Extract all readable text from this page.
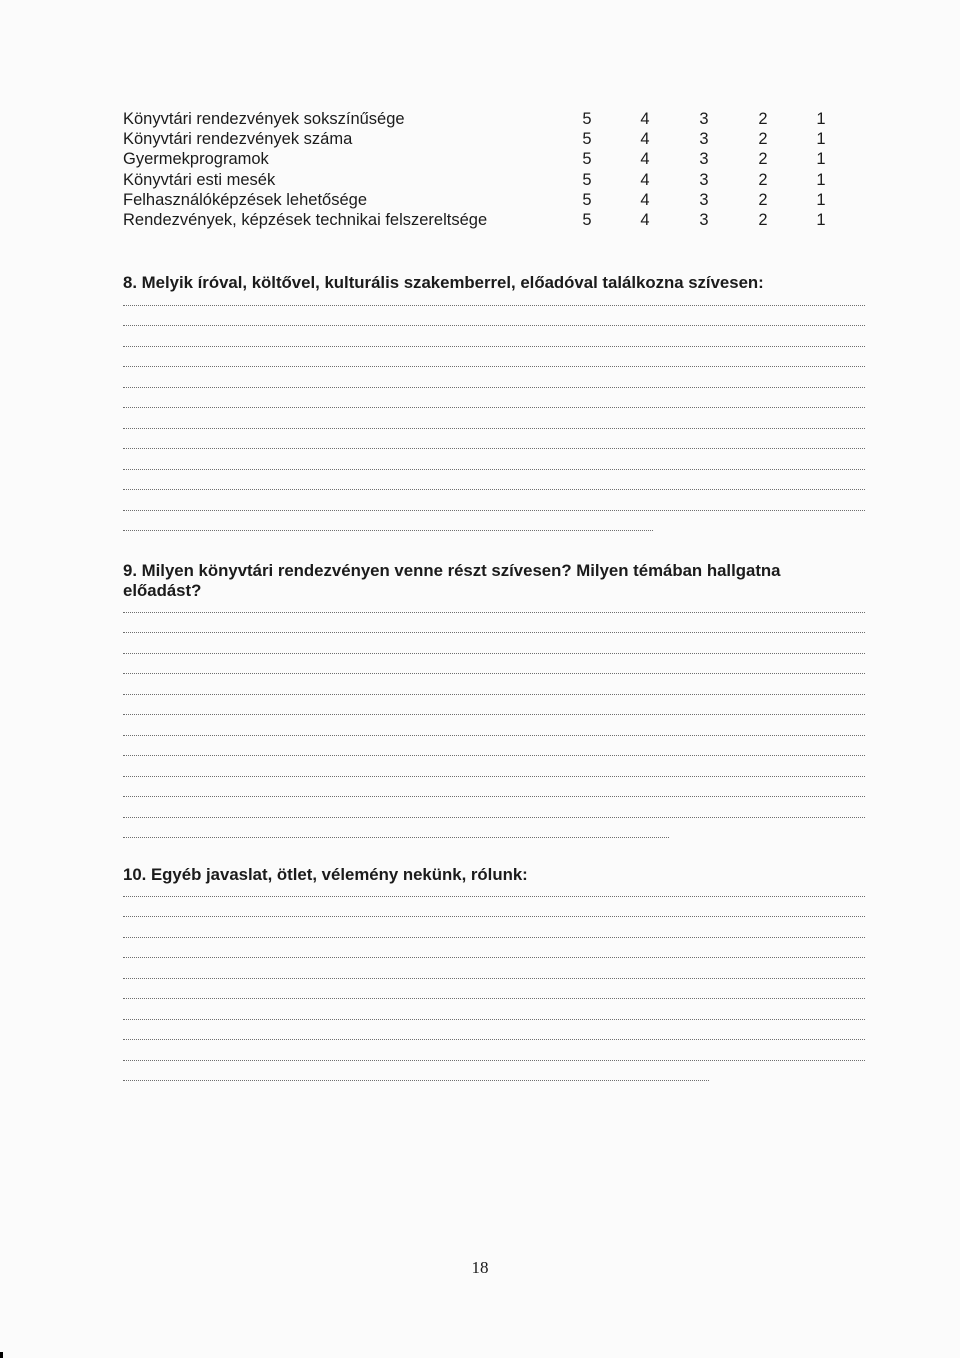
Könyvtári rendezvények sokszínűsége	5	4	3	2	1
Könyvtári rendezvények száma	5	4	3	2	1
Gyermekprogramok	5	4	3	2	1
Könyvtári esti mesék	5	4	3	2	1
Felhasználóképzések lehetősége	5	4	3	2	1
Rendezvények, képzések technikai felszereltsége	5	4	3	2	1
8. Melyik íróval, költővel, kulturális szakemberrel, előadóval találkozna szívesen:
9. Milyen könyvtári rendezvényen venne részt szívesen? Milyen témában hallgatna előadást?
10. Egyéb javaslat, ötlet, vélemény nekünk, rólunk:
18
